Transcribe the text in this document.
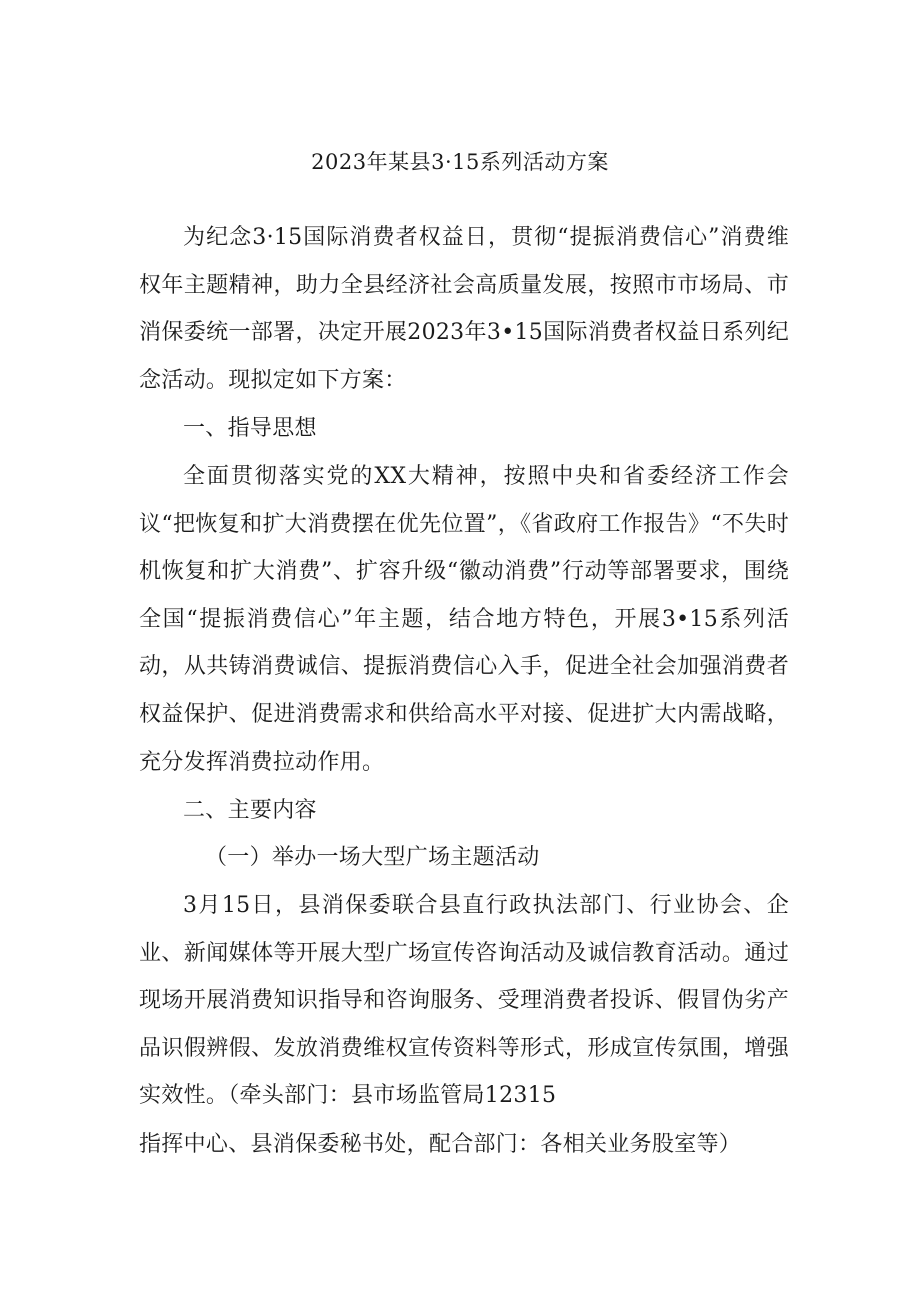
2023年某县3·15系列活动方案
为纪念3·15国际消费者权益日，贯彻“提振消费信心”消费维权年主题精神，助力全县经济社会高质量发展，按照市市场局、市消保委统一部署，决定开展2023年3•15国际消费者权益日系列纪念活动。现拟定如下方案：
一、指导思想
全面贯彻落实党的XX大精神，按照中央和省委经济工作会议“把恢复和扩大消费摆在优先位置”，《省政府工作报告》“不失时机恢复和扩大消费”、扩容升级“徽动消费”行动等部署要求，围绕全国“提振消费信心”年主题，结合地方特色，开展3•15系列活动，从共铸消费诚信、提振消费信心入手，促进全社会加强消费者权益保护、促进消费需求和供给高水平对接、促进扩大内需战略，充分发挥消费拉动作用。
二、主要内容
（一）举办一场大型广场主题活动
3月15日，县消保委联合县直行政执法部门、行业协会、企业、新闻媒体等开展大型广场宣传咨询活动及诚信教育活动。通过现场开展消费知识指导和咨询服务、受理消费者投诉、假冒伪劣产品识假辨假、发放消费维权宣传资料等形式，形成宣传氛围，增强实效性。（牵头部门：县市场监管局12315
指挥中心、县消保委秘书处，配合部门：各相关业务股室等）
